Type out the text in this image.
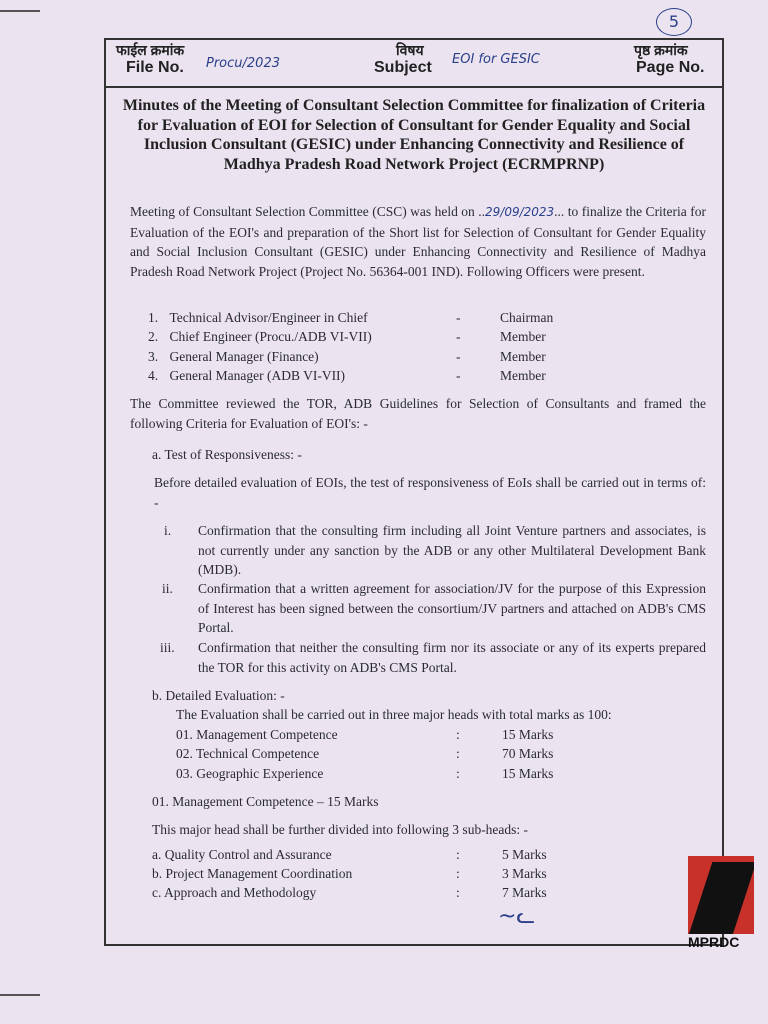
5
फाईल क्रमांक
File No. Procu/2023
विषय
Subject EOI for GESIC
पृष्ठ क्रमांक
Page No.
Minutes of the Meeting of Consultant Selection Committee for finalization of Criteria for Evaluation of EOI for Selection of Consultant for Gender Equality and Social Inclusion Consultant (GESIC) under Enhancing Connectivity and Resilience of Madhya Pradesh Road Network Project (ECRMPRNP)
Meeting of Consultant Selection Committee (CSC) was held on ..29/09/2023... to finalize the Criteria for Evaluation of the EOI's and preparation of the Short list for Selection of Consultant for Gender Equality and Social Inclusion Consultant (GESIC) under Enhancing Connectivity and Resilience of Madhya Pradesh Road Network Project (Project No. 56364-001 IND). Following Officers were present.
1. Technical Advisor/Engineer in Chief	-	Chairman
2. Chief Engineer (Procu./ADB VI-VII)	-	Member
3. General Manager (Finance)	-	Member
4. General Manager (ADB VI-VII)	-	Member
The Committee reviewed the TOR, ADB Guidelines for Selection of Consultants and framed the following Criteria for Evaluation of EOI's: -
a. Test of Responsiveness: -
Before detailed evaluation of EOIs, the test of responsiveness of EoIs shall be carried out in terms of: -
i. Confirmation that the consulting firm including all Joint Venture partners and associates, is not currently under any sanction by the ADB or any other Multilateral Development Bank (MDB).
ii. Confirmation that a written agreement for association/JV for the purpose of this Expression of Interest has been signed between the consortium/JV partners and attached on ADB's CMS Portal.
iii. Confirmation that neither the consulting firm nor its associate or any of its experts prepared the TOR for this activity on ADB's CMS Portal.
b. Detailed Evaluation: -
The Evaluation shall be carried out in three major heads with total marks as 100:
01. Management Competence	:	15 Marks
02. Technical Competence	:	70 Marks
03. Geographic Experience	:	15 Marks
01. Management Competence – 15 Marks
This major head shall be further divided into following 3 sub-heads: -
a. Quality Control and Assurance	:	5 Marks
b. Project Management Coordination	:	3 Marks
c. Approach and Methodology	:	7 Marks
~ᓚ
MPRDC
